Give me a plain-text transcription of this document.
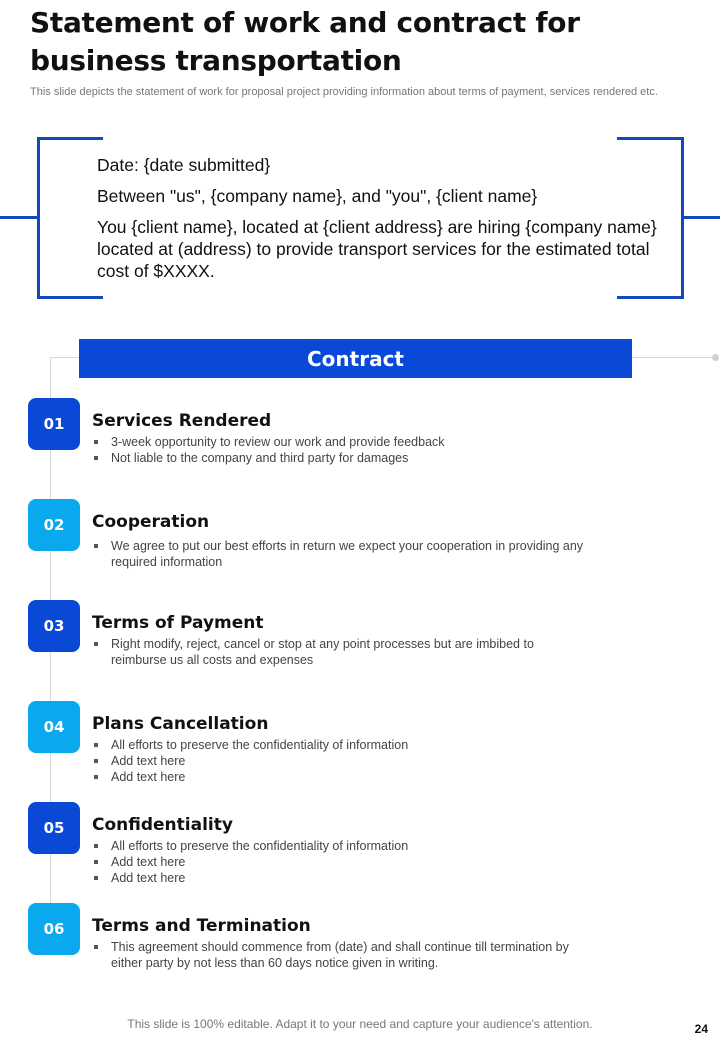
Statement of work and contract for business transportation
This slide depicts the statement of work for proposal project providing information about terms of payment, services rendered etc.

Date: {date submitted}

Between "us", {company name}, and "you", {client name}

You {client name}, located at {client address} are hiring {company name} located at (address) to provide transport services for the estimated total cost of $XXXX.

Contract
01	Services Rendered
3-week opportunity to review our work and provide feedback
Not liable to the company and third party for damages
02	Cooperation
We agree to put our best efforts in return we expect your cooperation in providing any required information
03	Terms of Payment
Right modify, reject, cancel or stop at any point processes but are imbibed to reimburse us all costs and expenses
04	Plans Cancellation
All efforts to preserve the confidentiality of information
Add text here
Add text here
05	Confidentiality
All efforts to preserve the confidentiality of information
Add text here
Add text here
06	Terms and Termination
This agreement should commence from (date) and shall continue till termination by either party by not less than 60 days notice given in writing.
This slide is 100% editable. Adapt it to your need and capture your audience's attention.	24
